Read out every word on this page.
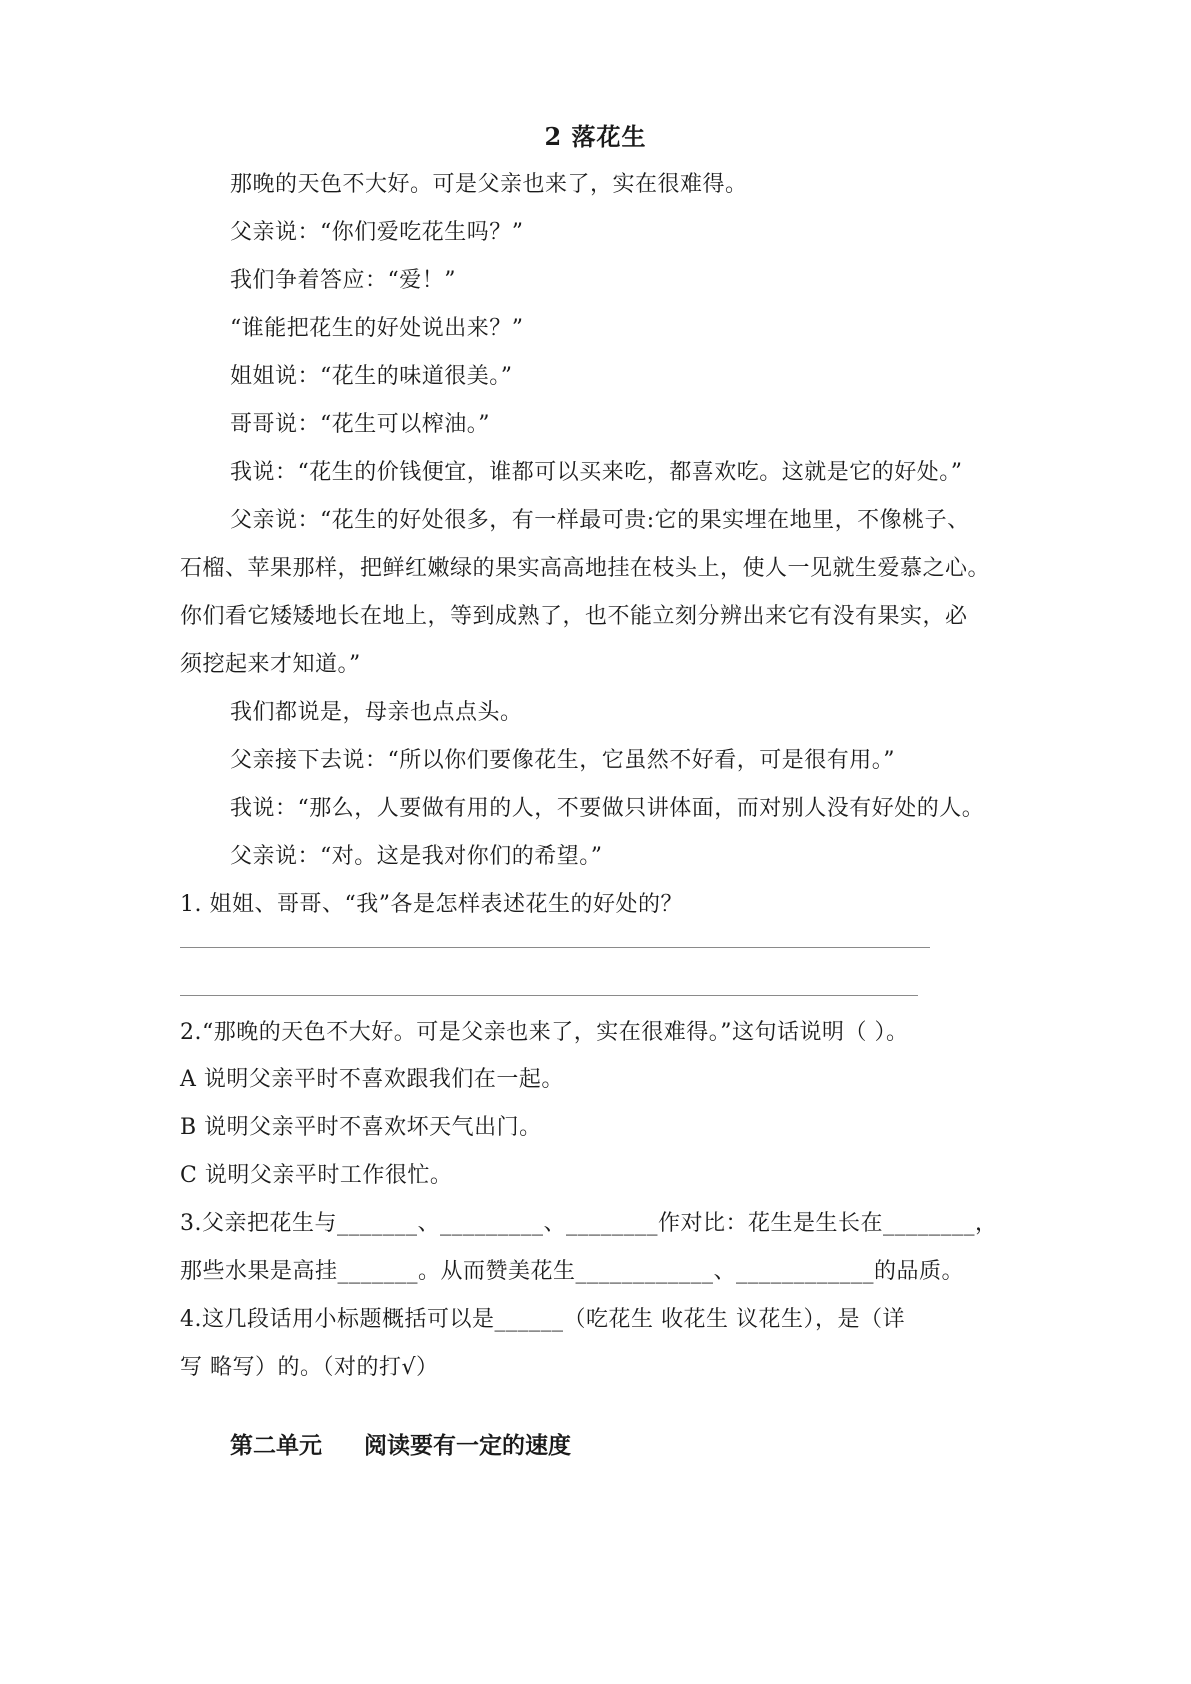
2 落花生
那晚的天色不大好。可是父亲也来了，实在很难得。
父亲说：“你们爱吃花生吗？”
我们争着答应：“爱！”
“谁能把花生的好处说出来？”
姐姐说：“花生的味道很美。”
哥哥说：“花生可以榨油。”
我说：“花生的价钱便宜，谁都可以买来吃，都喜欢吃。这就是它的好处。”
父亲说：“花生的好处很多，有一样最可贵:它的果实埋在地里，不像桃子、
石榴、苹果那样，把鲜红嫩绿的果实高高地挂在枝头上，使人一见就生爱慕之心。
你们看它矮矮地长在地上，等到成熟了，也不能立刻分辨出来它有没有果实，必
须挖起来才知道。”
我们都说是，母亲也点点头。
父亲接下去说：“所以你们要像花生，它虽然不好看，可是很有用。”
我说：“那么，人要做有用的人，不要做只讲体面，而对别人没有好处的人。
父亲说：“对。这是我对你们的希望。”
1. 姐姐、哥哥、“我”各是怎样表述花生的好处的？
2.“那晚的天色不大好。可是父亲也来了，实在很难得。”这句话说明（ ）。
A 说明父亲平时不喜欢跟我们在一起。
B 说明父亲平时不喜欢坏天气出门。
C 说明父亲平时工作很忙。
3.父亲把花生与_______、_________、________作对比：花生是生长在________，
那些水果是高挂_______。从而赞美花生____________、____________的品质。
4.这几段话用小标题概括可以是______（吃花生 收花生 议花生），是（详
写 略写）的。（对的打√）
第二单元 阅读要有一定的速度
